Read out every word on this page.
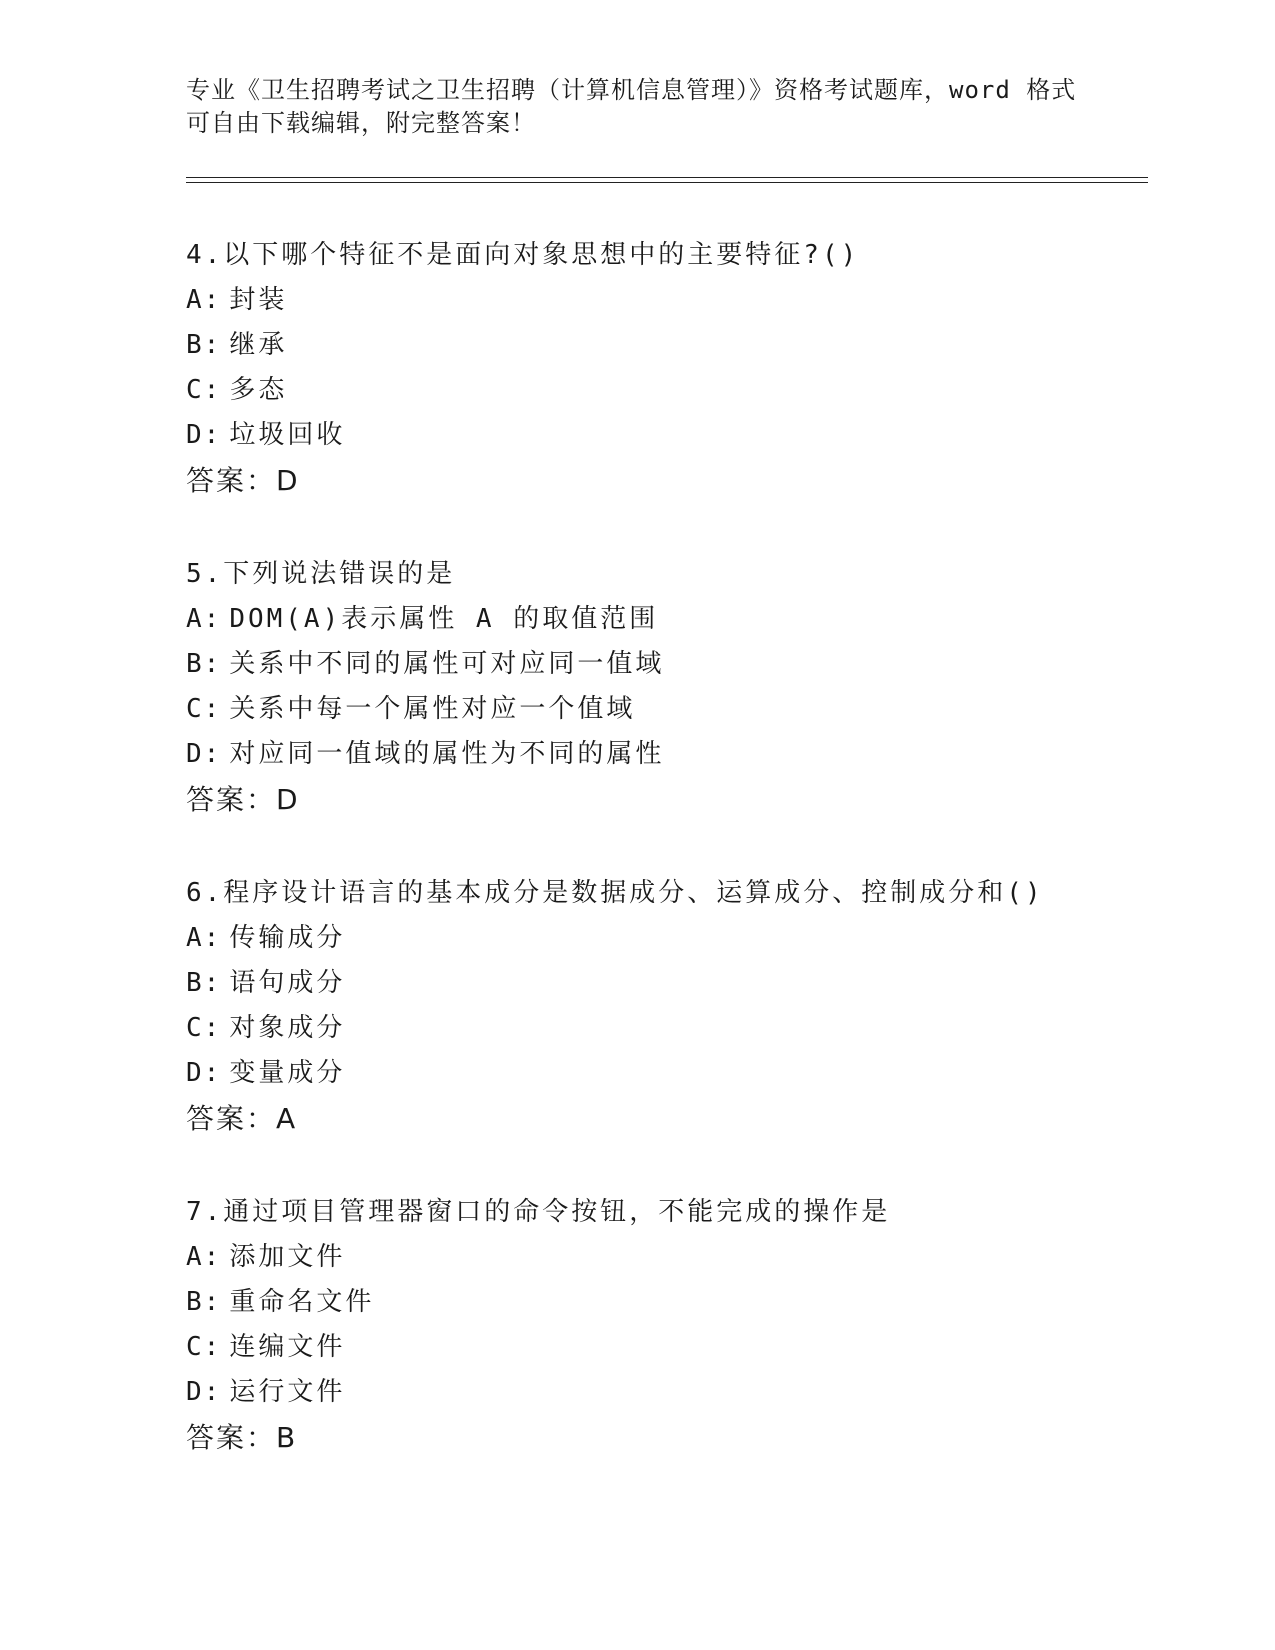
专业《卫生招聘考试之卫生招聘（计算机信息管理）》资格考试题库，word 格式
可自由下载编辑，附完整答案！
4.以下哪个特征不是面向对象思想中的主要特征?()
A: 封装
B: 继承
C: 多态
D: 垃圾回收
答案：D
5.下列说法错误的是
A: DOM(A)表示属性 A 的取值范围
B: 关系中不同的属性可对应同一值域
C: 关系中每一个属性对应一个值域
D: 对应同一值域的属性为不同的属性
答案：D
6.程序设计语言的基本成分是数据成分、运算成分、控制成分和()
A: 传输成分
B: 语句成分
C: 对象成分
D: 变量成分
答案：A
7.通过项目管理器窗口的命令按钮，不能完成的操作是
A: 添加文件
B: 重命名文件
C: 连编文件
D: 运行文件
答案：B
